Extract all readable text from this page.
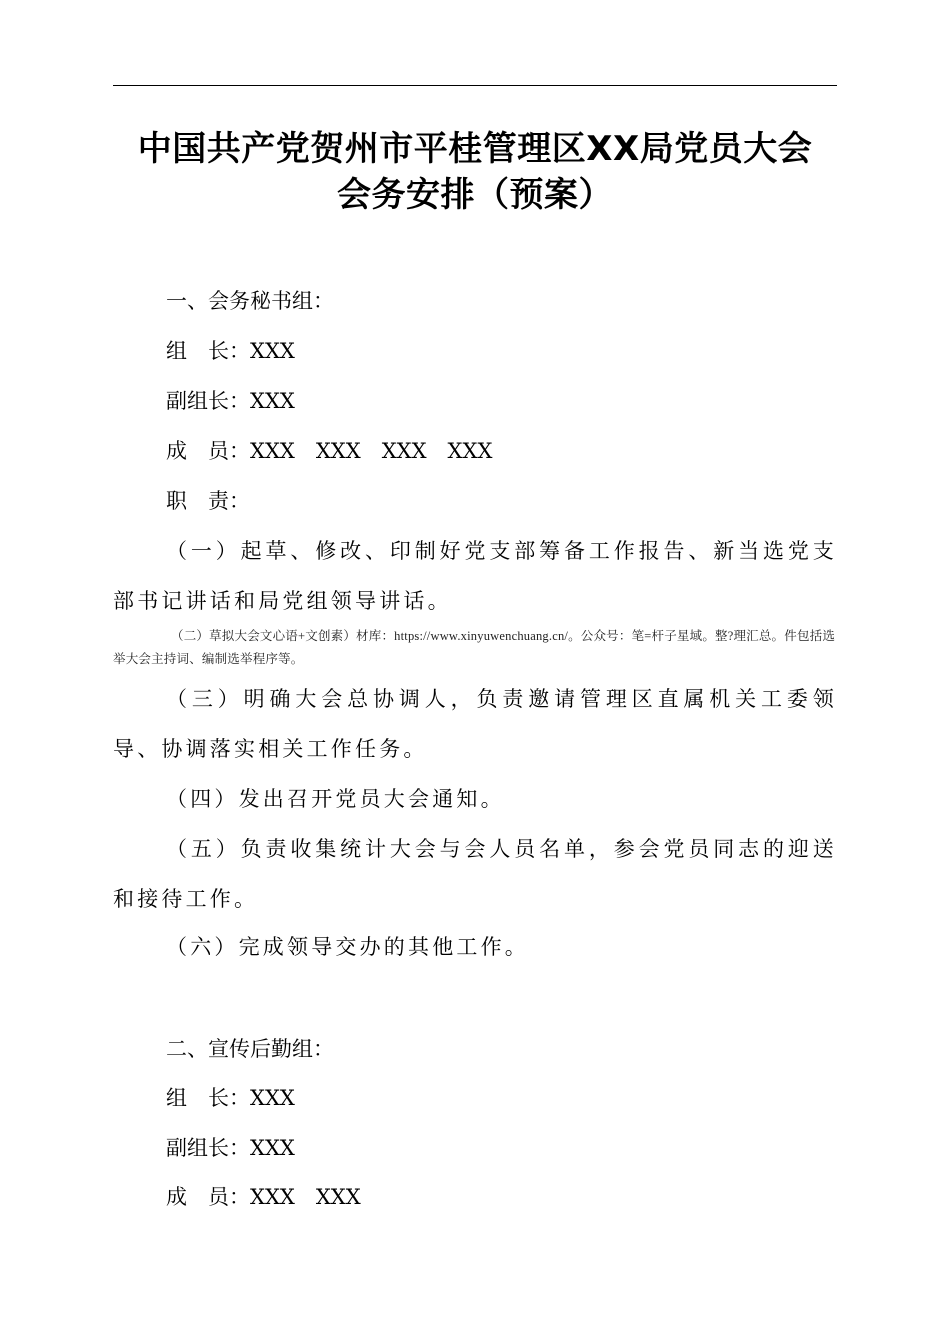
中国共产党贺州市平桂管理区XX局党员大会
会务安排（预案）

一、会务秘书组：

组　长：XXX

副组长：XXX

成　员：XXX　XXX　XXX　XXX

职　责：

（一）起草、修改、印制好党支部筹备工作报告、新当选党支部书记讲话和局党组领导讲话。

（二）草拟大会文心语+文创素）材库：https://www.xinyuwenchuang.cn/。公众号：笔=杆子星域。整?理汇总。件包括选举大会主持词、编制选举程序等。

（三）明确大会总协调人，负责邀请管理区直属机关工委领导、协调落实相关工作任务。

（四）发出召开党员大会通知。

（五）负责收集统计大会与会人员名单，参会党员同志的迎送和接待工作。

（六）完成领导交办的其他工作。

二、宣传后勤组：

组　长：XXX

副组长：XXX

成　员：XXX　XXX
